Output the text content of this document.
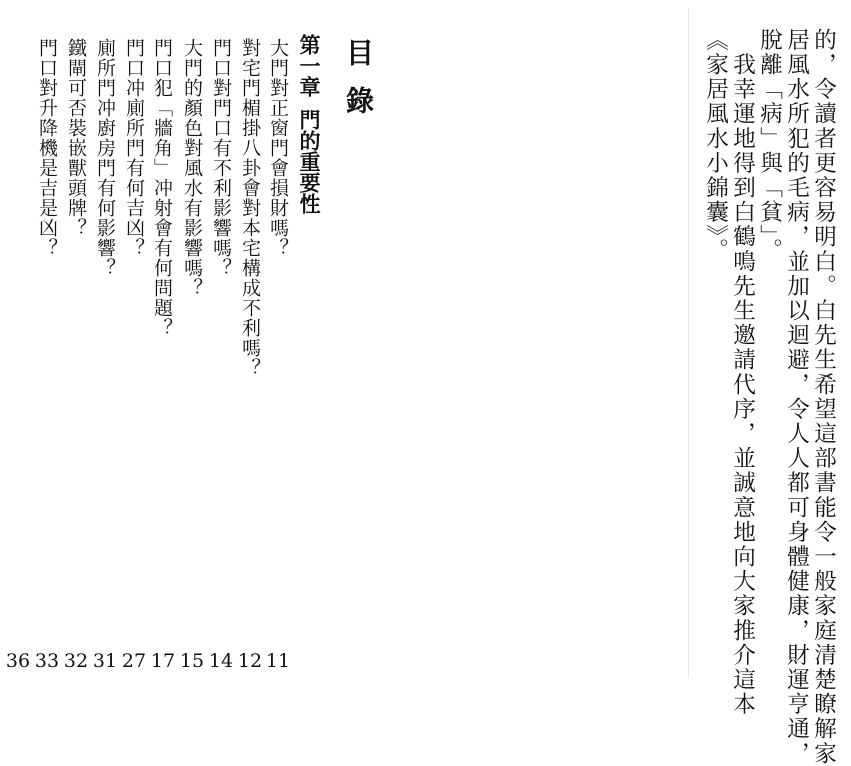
的，令讀者更容易明白。白先生希望這部書能令一般家庭清楚瞭解家
居風水所犯的毛病，並加以迴避，令人人都可身體健康，財運亨通，
脫離「病」與「貧」。
　我幸運地得到白鶴鳴先生邀請代序，並誠意地向大家推介這本
《家居風水小錦囊》。
目錄
第一章門的重要性
大門對正窗門會損財嗎？
對宅門楣掛八卦會對本宅構成不利嗎？
門口對門口有不利影響嗎？
大門的顏色對風水有影響嗎？
門口犯「牆角」冲射會有何問題？
門口冲廁所門有何吉凶？
廁所門冲廚房門有何影響？
鐵閘可否裝嵌獸頭牌？
門口對升降機是吉是凶？
11
12
14
15
17
27
31
32
33
36
